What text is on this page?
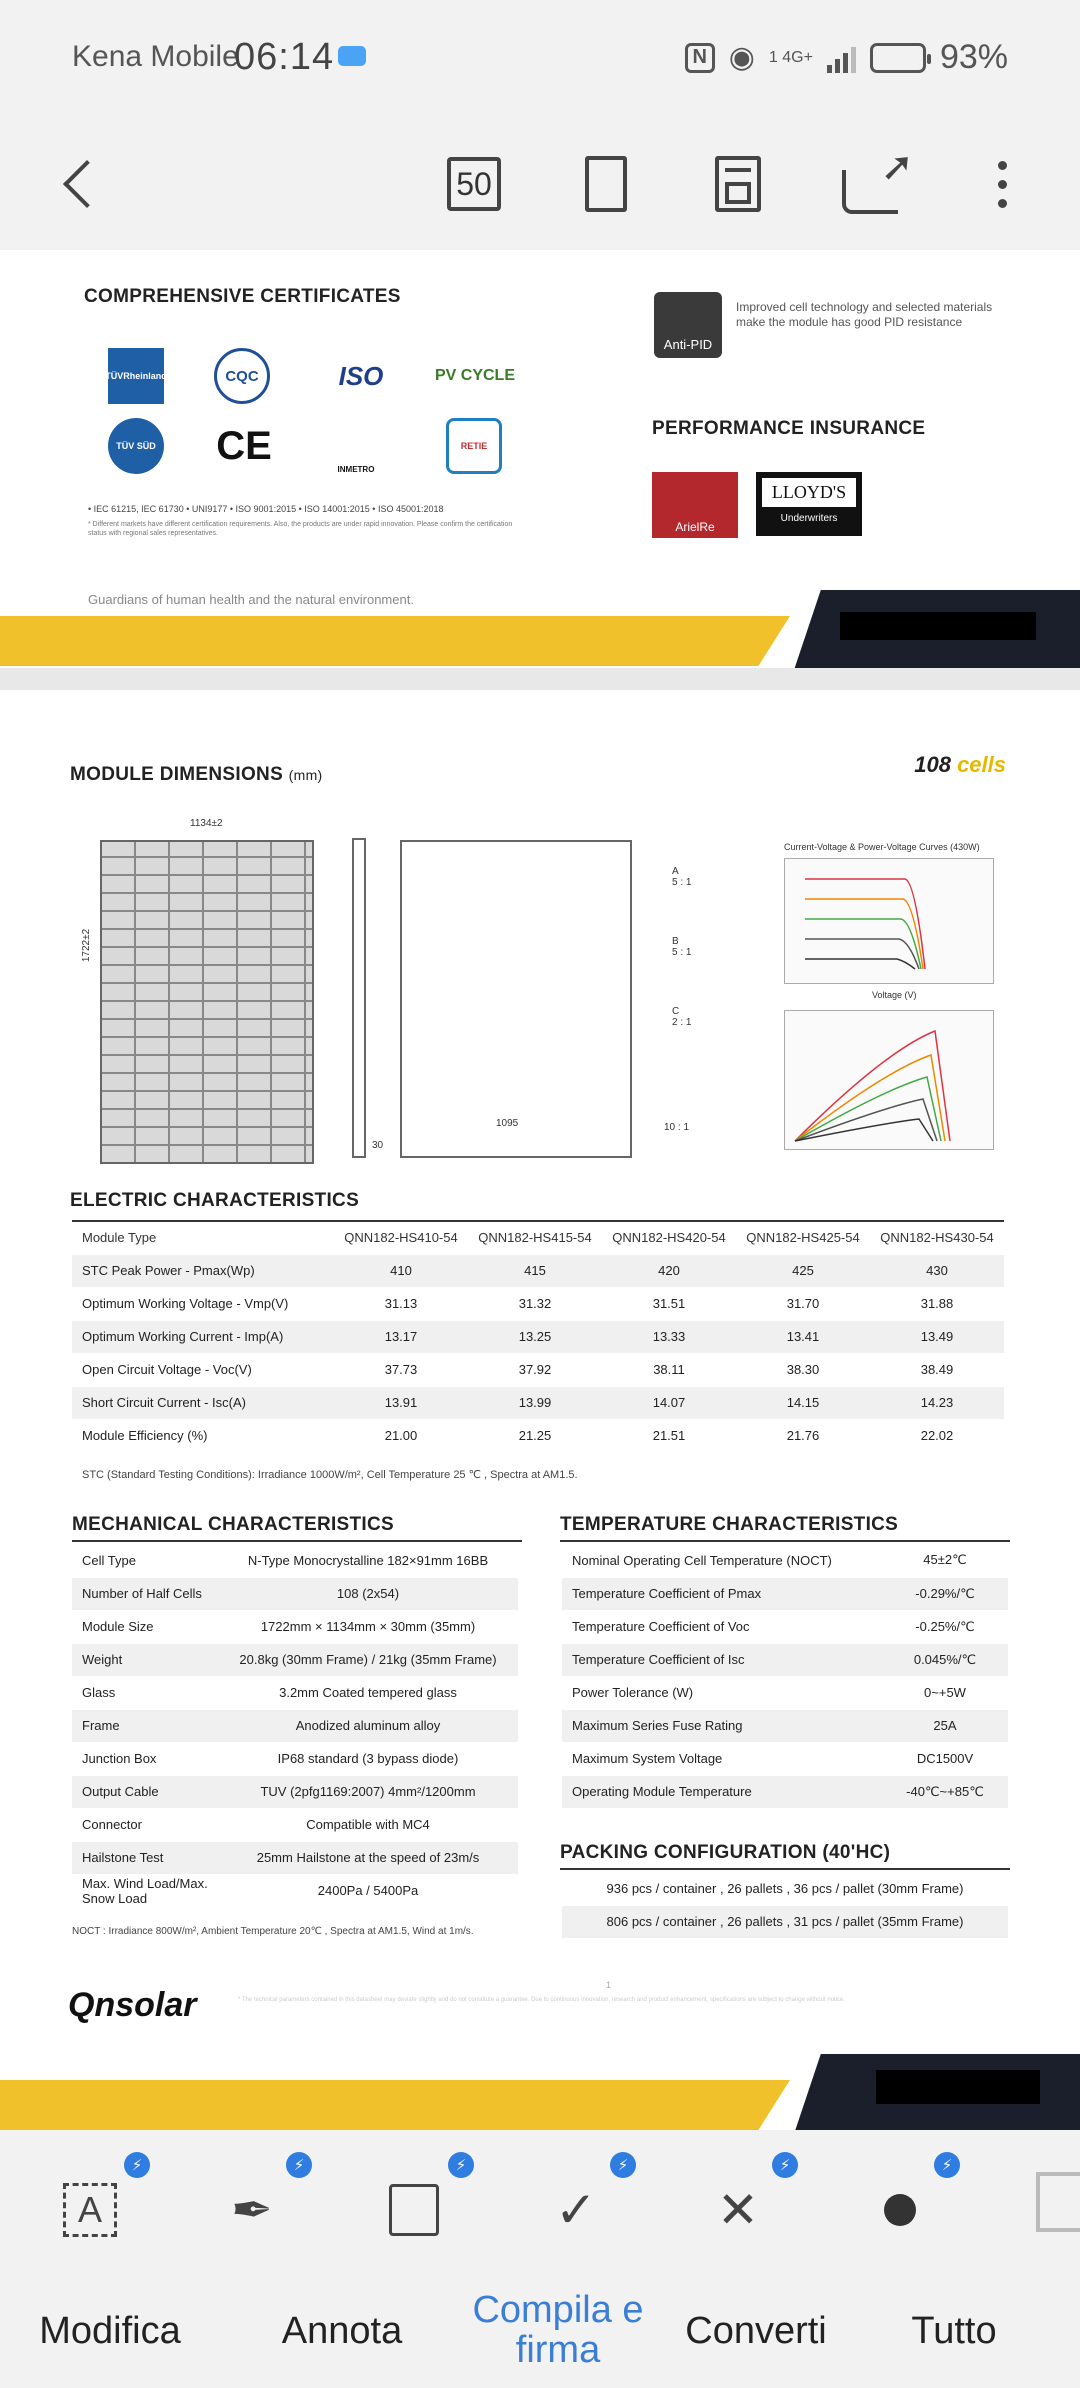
Kena Mobile
06:14	N ◉ 1 4G+	93%
50
➚
COMPREHENSIVE CERTIFICATES
TÜVRheinland	CQC	ISO	PV CYCLE
TÜV SÜD CE
INMETRO
RETIE
• IEC 61215, IEC 61730 • UNI9177 • ISO 9001:2015 • ISO 14001:2015 • ISO 45001:2018
* Different markets have different certification requirements. Also, the products are under rapid innovation. Please confirm the certification status with regional sales representatives.
Anti-PID
Improved cell technology and selected materials make the module has good PID resistance
PERFORMANCE INSURANCE
ArielRe
LLOYD'S
Underwriters
Guardians of human health and the natural environment.
MODULE DIMENSIONS (mm)	108 cells
1134±2
1722±2
30
1095
A
5 : 1
B
5 : 1
C
2 : 1
10 : 1
Current-Voltage & Power-Voltage Curves (430W)
Voltage (V)
ELECTRIC CHARACTERISTICS
Module Type	QNN182-HS410-54	QNN182-HS415-54	QNN182-HS420-54	QNN182-HS425-54	QNN182-HS430-54
STC Peak Power - Pmax(Wp)	410	415	420	425	430
Optimum Working Voltage - Vmp(V)	31.13	31.32	31.51	31.70	31.88
Optimum Working Current - Imp(A)	13.17	13.25	13.33	13.41	13.49
Open Circuit Voltage - Voc(V)	37.73	37.92	38.11	38.30	38.49
Short Circuit Current - Isc(A)	13.91	13.99	14.07	14.15	14.23
Module Efficiency (%)	21.00	21.25	21.51	21.76	22.02
STC (Standard Testing Conditions): Irradiance 1000W/m², Cell Temperature 25 ℃ , Spectra at AM1.5.
MECHANICAL CHARACTERISTICS
Cell Type	N-Type Monocrystalline 182×91mm 16BB
Number of Half Cells	108 (2x54)
Module Size	1722mm × 1134mm × 30mm (35mm)
Weight	20.8kg (30mm Frame) / 21kg (35mm Frame)
Glass	3.2mm Coated tempered glass
Frame	Anodized aluminum alloy
Junction Box	IP68 standard (3 bypass diode)
Output Cable	TUV (2pfg1169:2007) 4mm²/1200mm
Connector	Compatible with MC4
Hailstone Test	25mm Hailstone at the speed of 23m/s
Max. Wind Load/Max. Snow Load	2400Pa / 5400Pa
NOCT : Irradiance 800W/m², Ambient Temperature 20℃ , Spectra at AM1.5, Wind at 1m/s.
TEMPERATURE CHARACTERISTICS
Nominal Operating Cell Temperature (NOCT)	45±2℃
Temperature Coefficient of Pmax	-0.29%/℃
Temperature Coefficient of Voc	-0.25%/℃
Temperature Coefficient of Isc	0.045%/℃
Power Tolerance (W)	0~+5W
Maximum Series Fuse Rating	25A
Maximum System Voltage	DC1500V
Operating Module Temperature	-40℃~+85℃
PACKING CONFIGURATION (40'HC)
936 pcs / container , 26 pallets , 36 pcs / pallet (30mm Frame)
806 pcs / container , 26 pallets , 31 pcs / pallet (35mm Frame)
Qnsolar
1
* The technical parameters contained in this datasheet may deviate slightly and do not constitute a guarantee. Due to continuous innovation, research and product enhancement, specifications are subject to change without notice.
A
⚡
✒
⚡	⚡
✓
⚡
✕
⚡	⚡
Modifica	Annota	Compila e firma	Converti	Tutto
